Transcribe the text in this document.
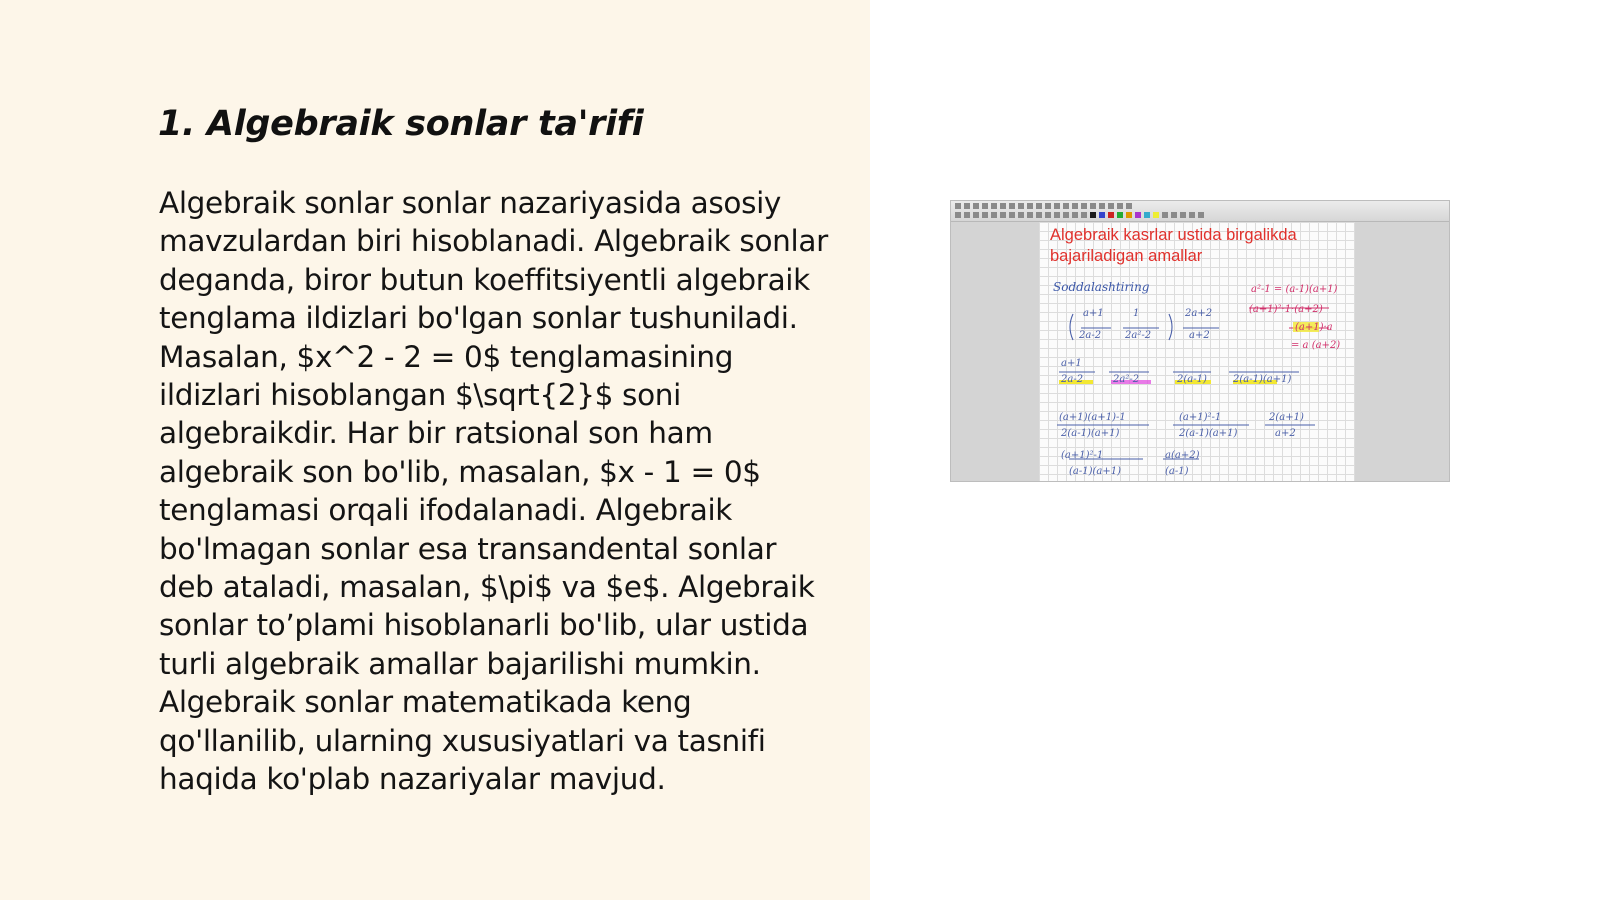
1. Algebraik sonlar ta'rifi

Algebraik sonlar sonlar nazariyasida asosiy mavzulardan biri hisoblanadi. Algebraik sonlar deganda, biror butun koeffitsiyentli algebraik tenglama ildizlari bo'lgan sonlar tushuniladi. Masalan, $x^2 - 2 = 0$ tenglamasining ildizlari hisoblangan $\sqrt{2}$ soni algebraikdir. Har bir ratsional son ham algebraik son bo'lib, masalan, $x - 1 = 0$ tenglamasi orqali ifodalanadi. Algebraik bo'lmagan sonlar esa transandental sonlar deb ataladi, masalan, $\pi$ va $e$. Algebraik sonlar to’plami hisoblanarli bo'lib, ular ustida turli algebraik amallar bajarilishi mumkin. Algebraik sonlar matematikada keng qo'llanilib, ularning xususiyatlari va tasnifi haqida ko'plab nazariyalar mavjud.

Algebraik kasrlar ustida birgalikda bajariladigan amallar

Soddalashtiring

a+1
2a-2
1
2a²-2
2a+2
a+2
a²-1 = (a-1)(a+1)
(a+1)²·1·(a+2)
(a+1)·a
= a (a+2)
a+1
2a-2	2a²-2	2(a-1)	2(a-1)(a+1)
(a+1)(a+1)-1
2(a-1)(a+1)
(a+1)²-1
2(a-1)(a+1)
2(a+1)
a+2
(a+1)²-1
(a-1)(a+1)
a(a+2)
(a-1)
